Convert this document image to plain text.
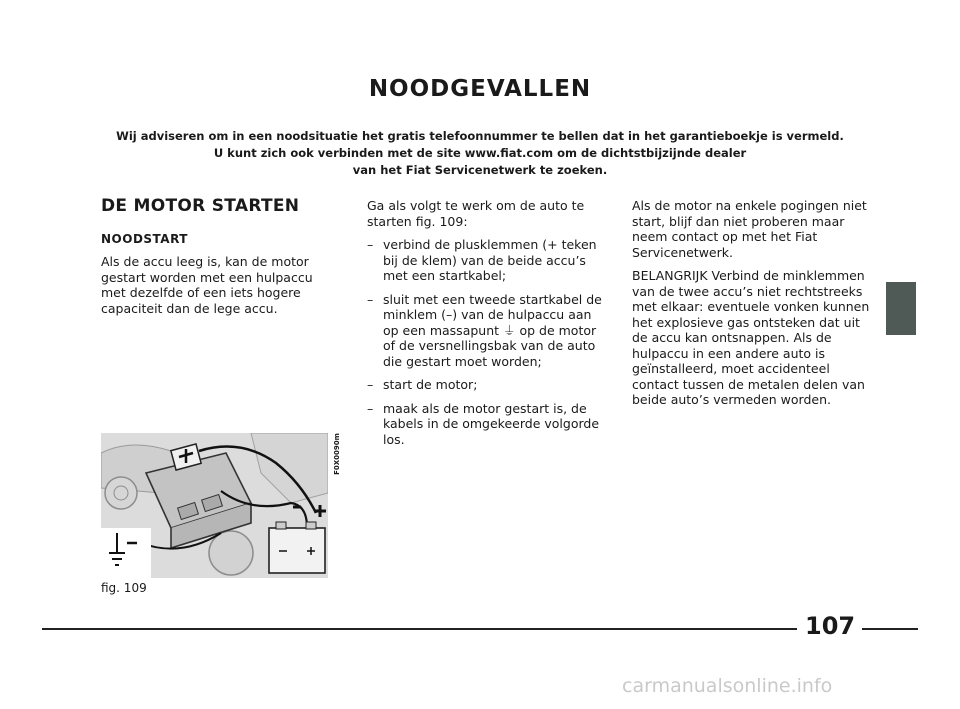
NOODGEVALLEN
Wij adviseren om in een noodsituatie het gratis telefoonnummer te bellen dat in het garantieboekje is vermeld.
U kunt zich ook verbinden met de site www.fiat.com om de dichtstbijzijnde dealer
van het Fiat Servicenetwerk te zoeken.
DE MOTOR STARTEN
NOODSTART

Als de accu leeg is, kan de motor gestart worden met een hulpaccu met dezelfde of een iets hogere capaciteit dan de lege accu.

Ga als volgt te werk om de auto te starten fig. 109:

– verbind de plusklemmen (+ teken bij de klem) van de beide accu’s met een startkabel;
– sluit met een tweede startkabel de minklem (–) van de hulpaccu aan op een massapunt ⏚ op de motor of de versnellingsbak van de auto die gestart moet worden;
– start de motor;
– maak als de motor gestart is, de kabels in de omgekeerde volgorde los.

Als de motor na enkele pogingen niet start, blijf dan niet proberen maar neem contact op met het Fiat Servicenetwerk.

BELANGRIJK Verbind de minklemmen van de twee accu’s niet rechtstreeks met elkaar: eventuele vonken kunnen het explosieve gas ontsteken dat uit de accu kan ontsnappen. Als de hulpaccu in een andere auto is geïnstalleerd, moet accidenteel contact tussen de metalen delen van beide auto’s vermeden worden.

F0X0090m
fig. 109
107
carmanualsonline.info
